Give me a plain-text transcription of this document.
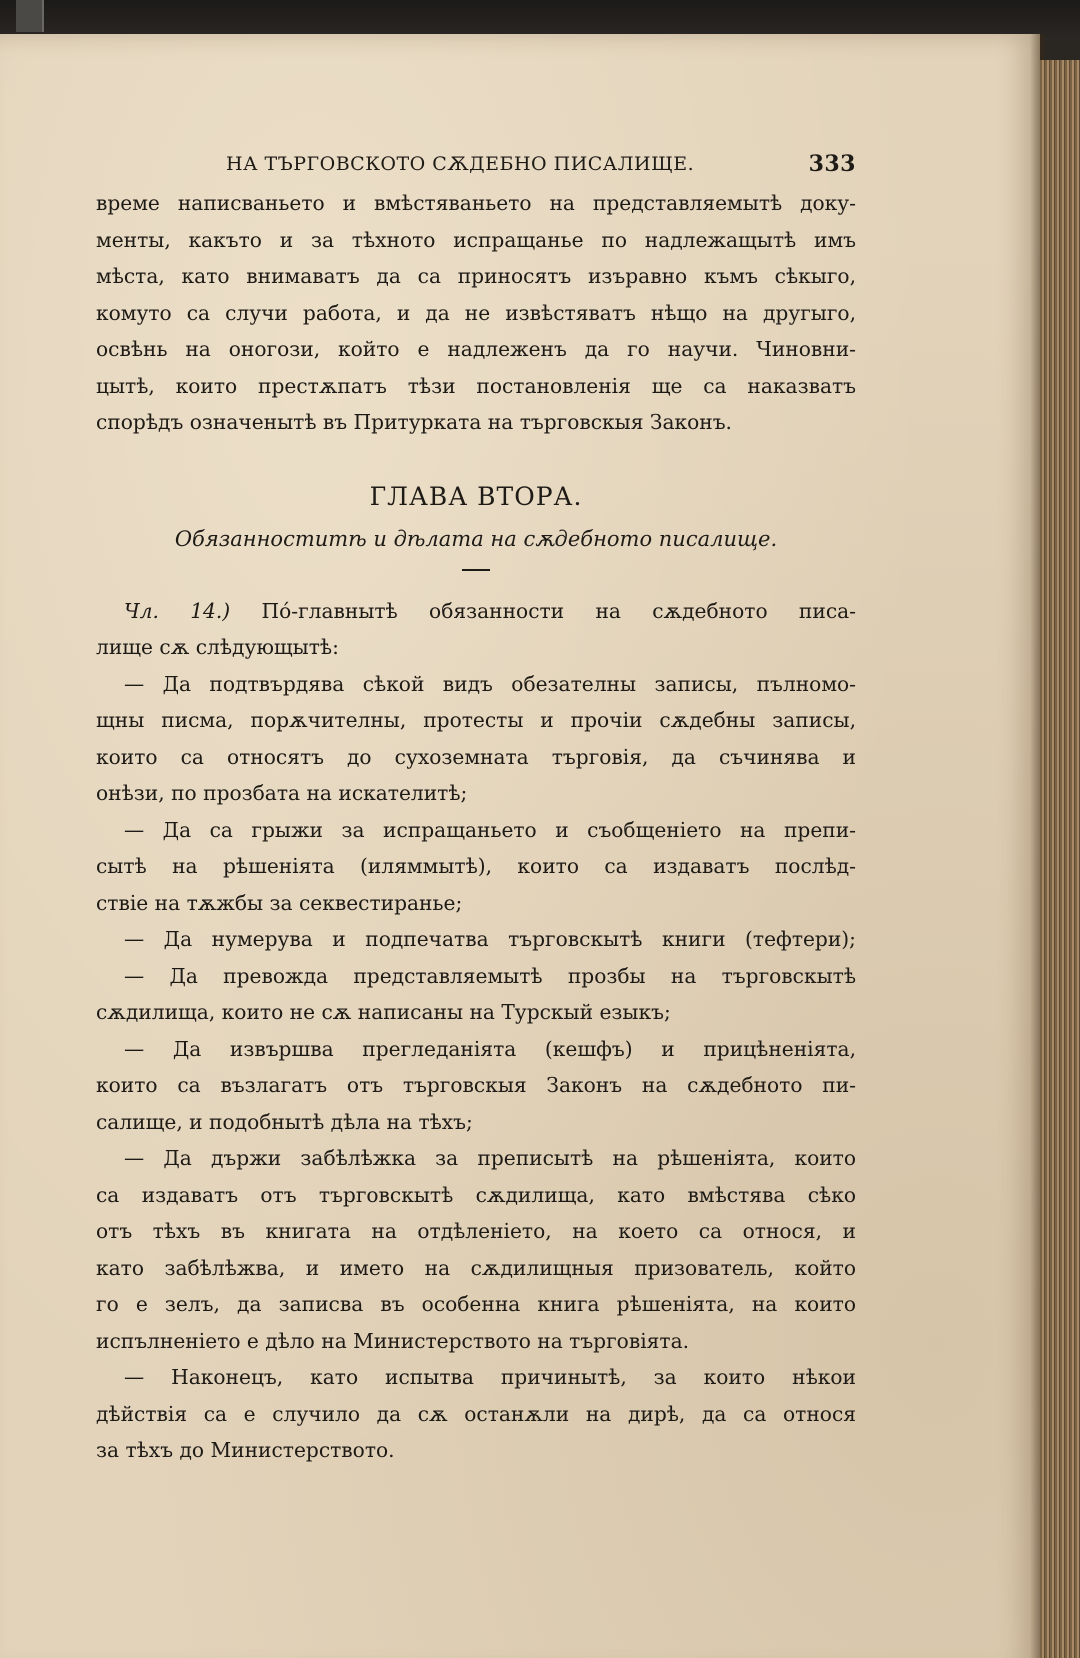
НА ТЪРГОВСКОТО СѪДЕБНО ПИСАЛИЩЕ.	333
време написваньето и вмѣстяваньето на представляемытѣ доку-
менты, какъто и за тѣхното испращанье по надлежащытѣ имъ
мѣста, като внимаватъ да са приносятъ изъравно къмъ сѣкыго,
комуто са случи работа, и да не извѣстяватъ нѣщо на другыго,
освѣнь на оногози, който е надлеженъ да го научи. Чиновни-
цытѣ, които престѫпатъ тѣзи постановленія ще са наказватъ
спорѣдъ означенытѣ въ Притурката на търговскыя Законъ.
ГЛАВА ВТОРА.
Обязанноститѣ и дѣлата на сѫдебното писалище.
Чл. 14.) По́-главнытѣ обязанности на сѫдебното писа-
лище сѫ слѣдующытѣ:
— Да подтвърдява сѣкой видъ обезателны записы, пълномо-
щны писма, порѫчителны, протесты и прочіи сѫдебны записы,
които са относятъ до сухоземната търговія, да съчинява и
онѣзи, по прозбата на искателитѣ;
— Да са грыжи за испращаньето и съобщеніето на препи-
сытѣ на рѣшеніята (иляммытѣ), които са издаватъ послѣд-
ствіе на тѫжбы за секвестиранье;
— Да нумерува и подпечатва търговскытѣ книги (тефтери);
— Да превожда представляемытѣ прозбы на търговскытѣ
сѫдилища, които не сѫ написаны на Турскый езыкъ;
— Да извършва прегледаніята (кешфъ) и прицѣненіята,
които са възлагатъ отъ търговскыя Законъ на сѫдебното пи-
салище, и подобнытѣ дѣла на тѣхъ;
— Да държи забѣлѣжка за преписытѣ на рѣшеніята, които
са издаватъ отъ търговскытѣ сѫдилища, като вмѣстява сѣко
отъ тѣхъ въ книгата на отдѣленіето, на което са относя, и
като забѣлѣжва, и името на сѫдилищныя призователь, който
го е зелъ, да записва въ особенна книга рѣшеніята, на които
испълненіето е дѣло на Министерството на търговіята.
— Наконецъ, като испытва причинытѣ, за които нѣкои
дѣйствія са е случило да сѫ останѫли на дирѣ, да са относя
за тѣхъ до Министерството.
